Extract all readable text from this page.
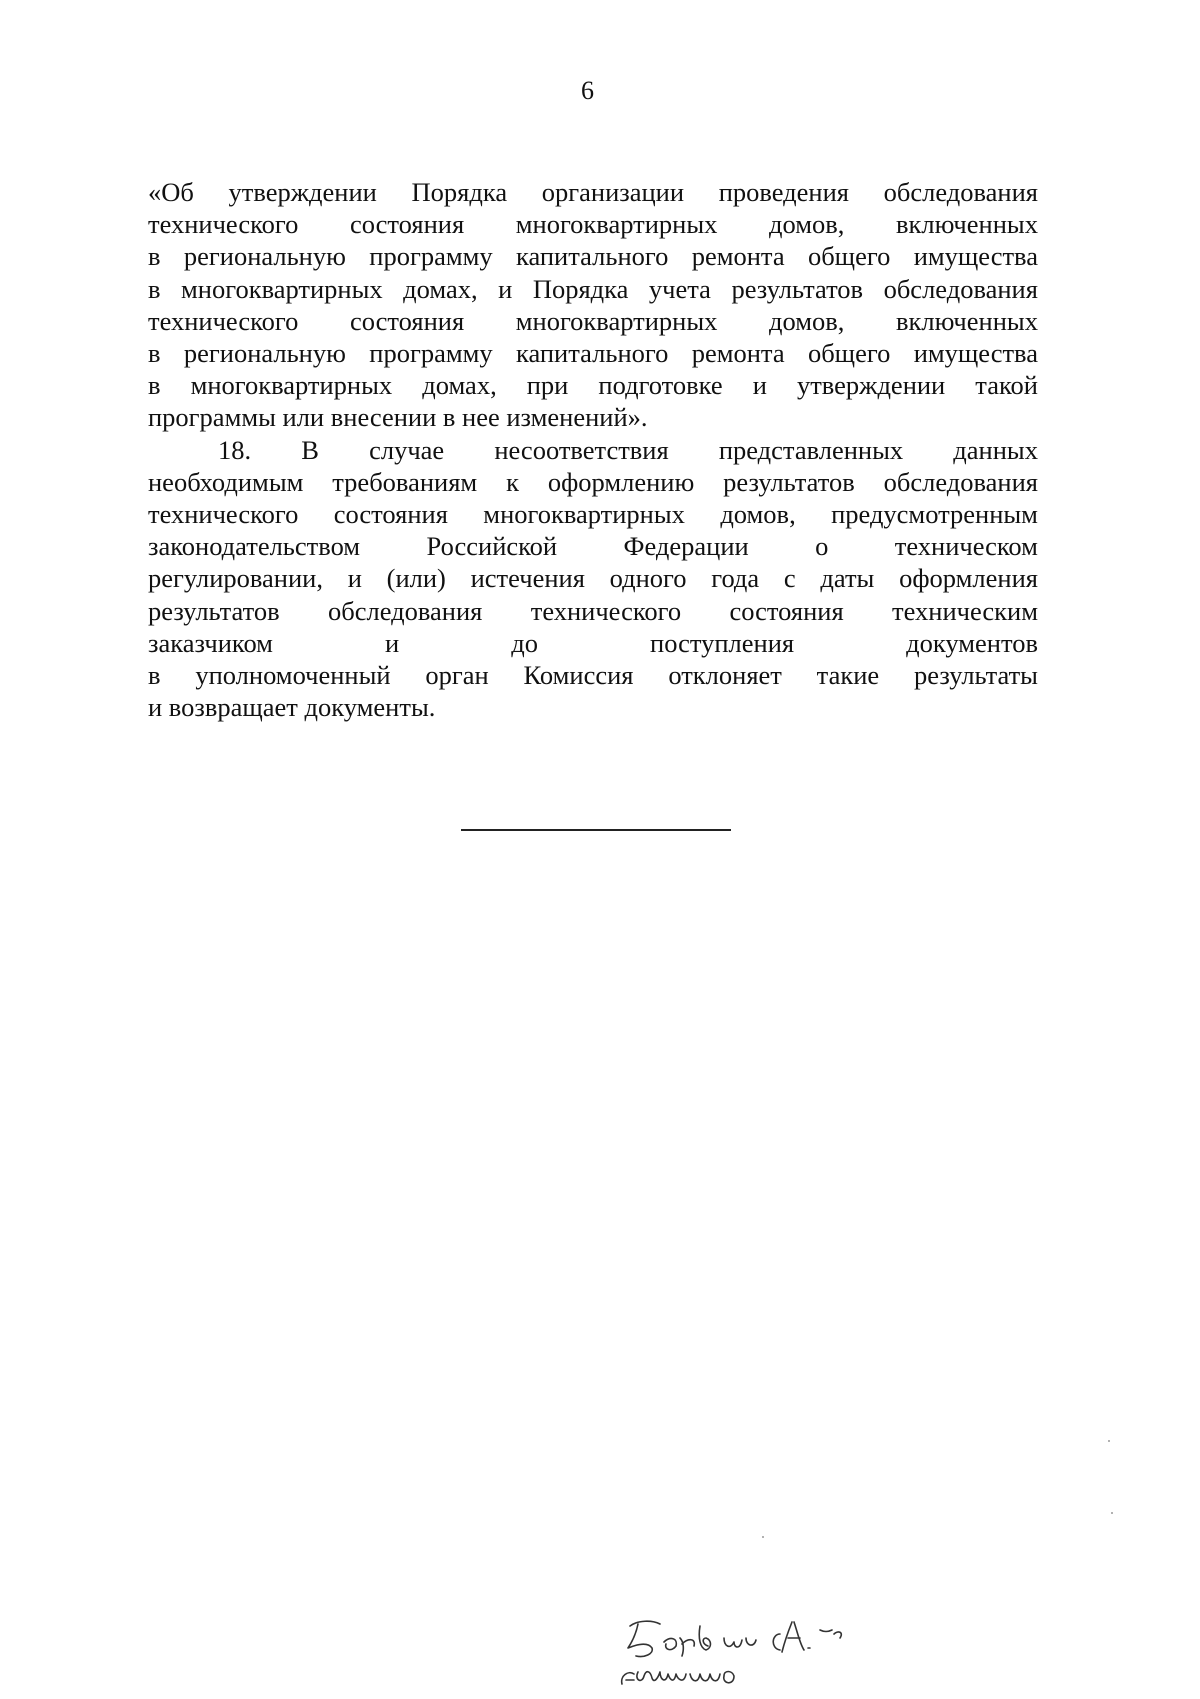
6
«Об утверждении Порядка организации проведения обследования
технического состояния многоквартирных домов, включенных
в региональную программу капитального ремонта общего имущества
в многоквартирных домах, и Порядка учета результатов обследования
технического состояния многоквартирных домов, включенных
в региональную программу капитального ремонта общего имущества
в многоквартирных домах, при подготовке и утверждении такой
программы или внесении в нее изменений».
18. В случае несоответствия представленных данных
необходимым требованиям к оформлению результатов обследования
технического состояния многоквартирных домов, предусмотренным
законодательством	Российской	Федерации	о	техническом
регулировании, и (или) истечения одного года с даты оформления
результатов обследования технического состояния техническим
заказчиком	и	до	поступления	документов
в уполномоченный орган Комиссия отклоняет такие результаты
и возвращает документы.
